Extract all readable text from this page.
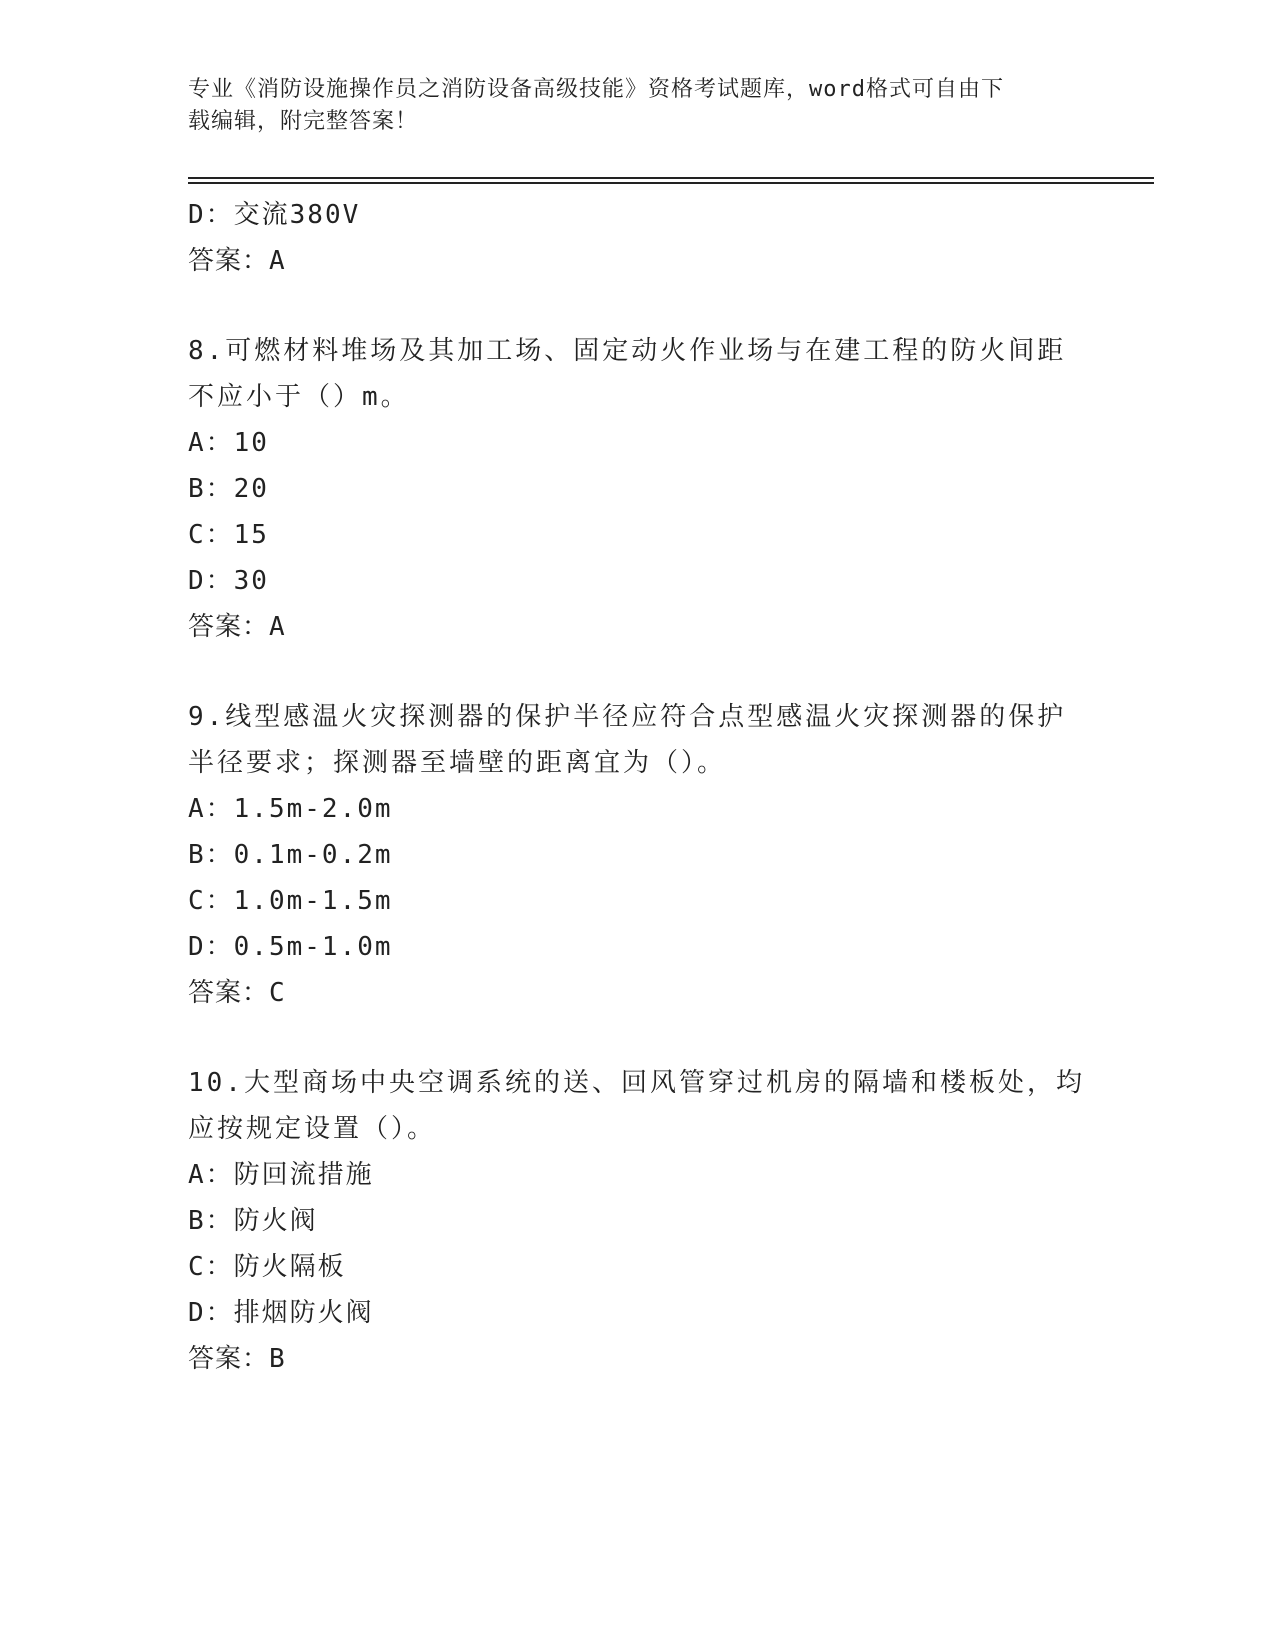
专业《消防设施操作员之消防设备高级技能》资格考试题库，word格式可自由下
载编辑，附完整答案！
D：交流380V
答案：A
8.可燃材料堆场及其加工场、固定动火作业场与在建工程的防火间距
不应小于（）m。
A：10
B：20
C：15
D：30
答案：A
9.线型感温火灾探测器的保护半径应符合点型感温火灾探测器的保护
半径要求；探测器至墙壁的距离宜为（）。
A：1.5m-2.0m
B：0.1m-0.2m
C：1.0m-1.5m
D：0.5m-1.0m
答案：C
10.大型商场中央空调系统的送、回风管穿过机房的隔墙和楼板处，均
应按规定设置（）。
A：防回流措施
B：防火阀
C：防火隔板
D：排烟防火阀
答案：B
